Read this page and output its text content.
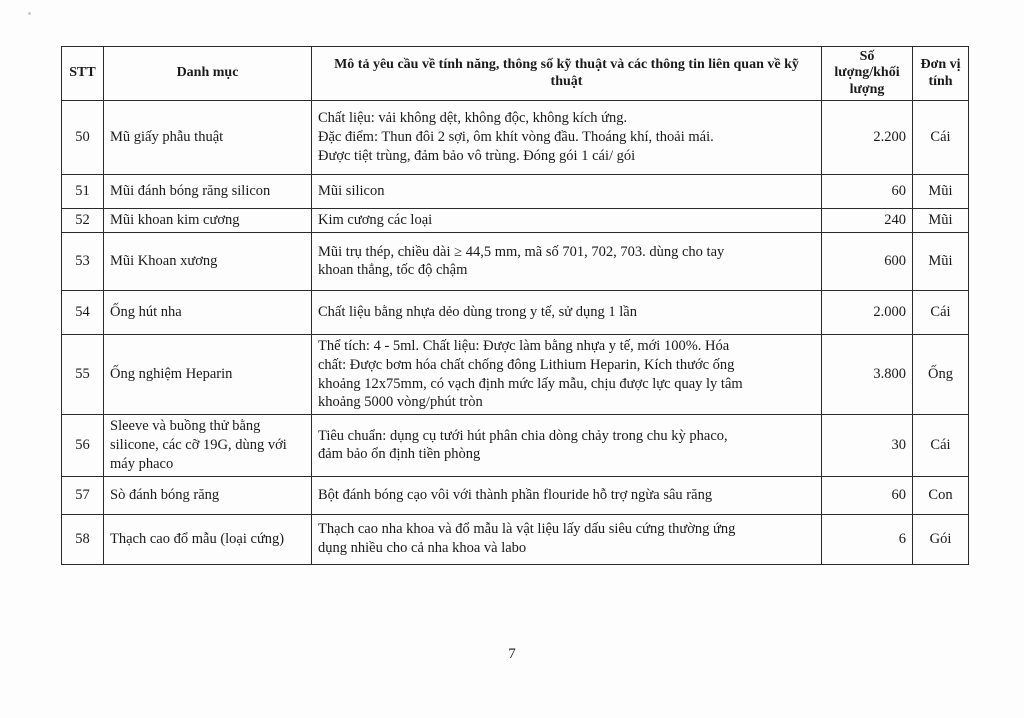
STT	Danh mục	Mô tả yêu cầu về tính năng, thông số kỹ thuật và các thông tin liên quan về kỹ thuật	Số lượng/khối lượng	Đơn vị tính
50	Mũ giấy phẫu thuật	Chất liệu: vải không dệt, không độc, không kích ứng.
Đặc điểm: Thun đôi 2 sợi, ôm khít vòng đầu. Thoáng khí, thoải mái.
Được tiệt trùng, đảm bảo vô trùng. Đóng gói 1 cái/ gói	2.200	Cái
51	Mũi đánh bóng răng silicon	Mũi silicon	60	Mũi
52	Mũi khoan kim cương	Kim cương các loại	240	Mũi
53	Mũi Khoan xương	Mũi trụ thép, chiều dài ≥ 44,5 mm, mã số 701, 702, 703. dùng cho tay
khoan thẳng, tốc độ chậm	600	Mũi
54	Ống hút nha	Chất liệu bằng nhựa dẻo dùng trong y tế, sử dụng 1 lần	2.000	Cái
55	Ống nghiệm Heparin	Thể tích: 4 - 5ml. Chất liệu: Được làm bằng nhựa y tế, mới 100%. Hóa
chất: Được bơm hóa chất chống đông Lithium Heparin, Kích thước ống
khoảng 12x75mm, có vạch định mức lấy mẫu, chịu được lực quay ly tâm
khoảng 5000 vòng/phút tròn	3.800	Ống
56	Sleeve và buồng thử bằng silicone, các cỡ 19G, dùng với máy phaco	Tiêu chuẩn: dụng cụ tưới hút phân chia dòng chảy trong chu kỳ phaco,
đảm bảo ổn định tiền phòng	30	Cái
57	Sò đánh bóng răng	Bột đánh bóng cạo vôi với thành phần flouride hỗ trợ ngừa sâu răng	60	Con
58	Thạch cao đổ mẫu (loại cứng)	Thạch cao nha khoa và đổ mẫu là vật liệu lấy dấu siêu cứng thường ứng
dụng nhiều cho cả nha khoa và labo	6	Gói
7
